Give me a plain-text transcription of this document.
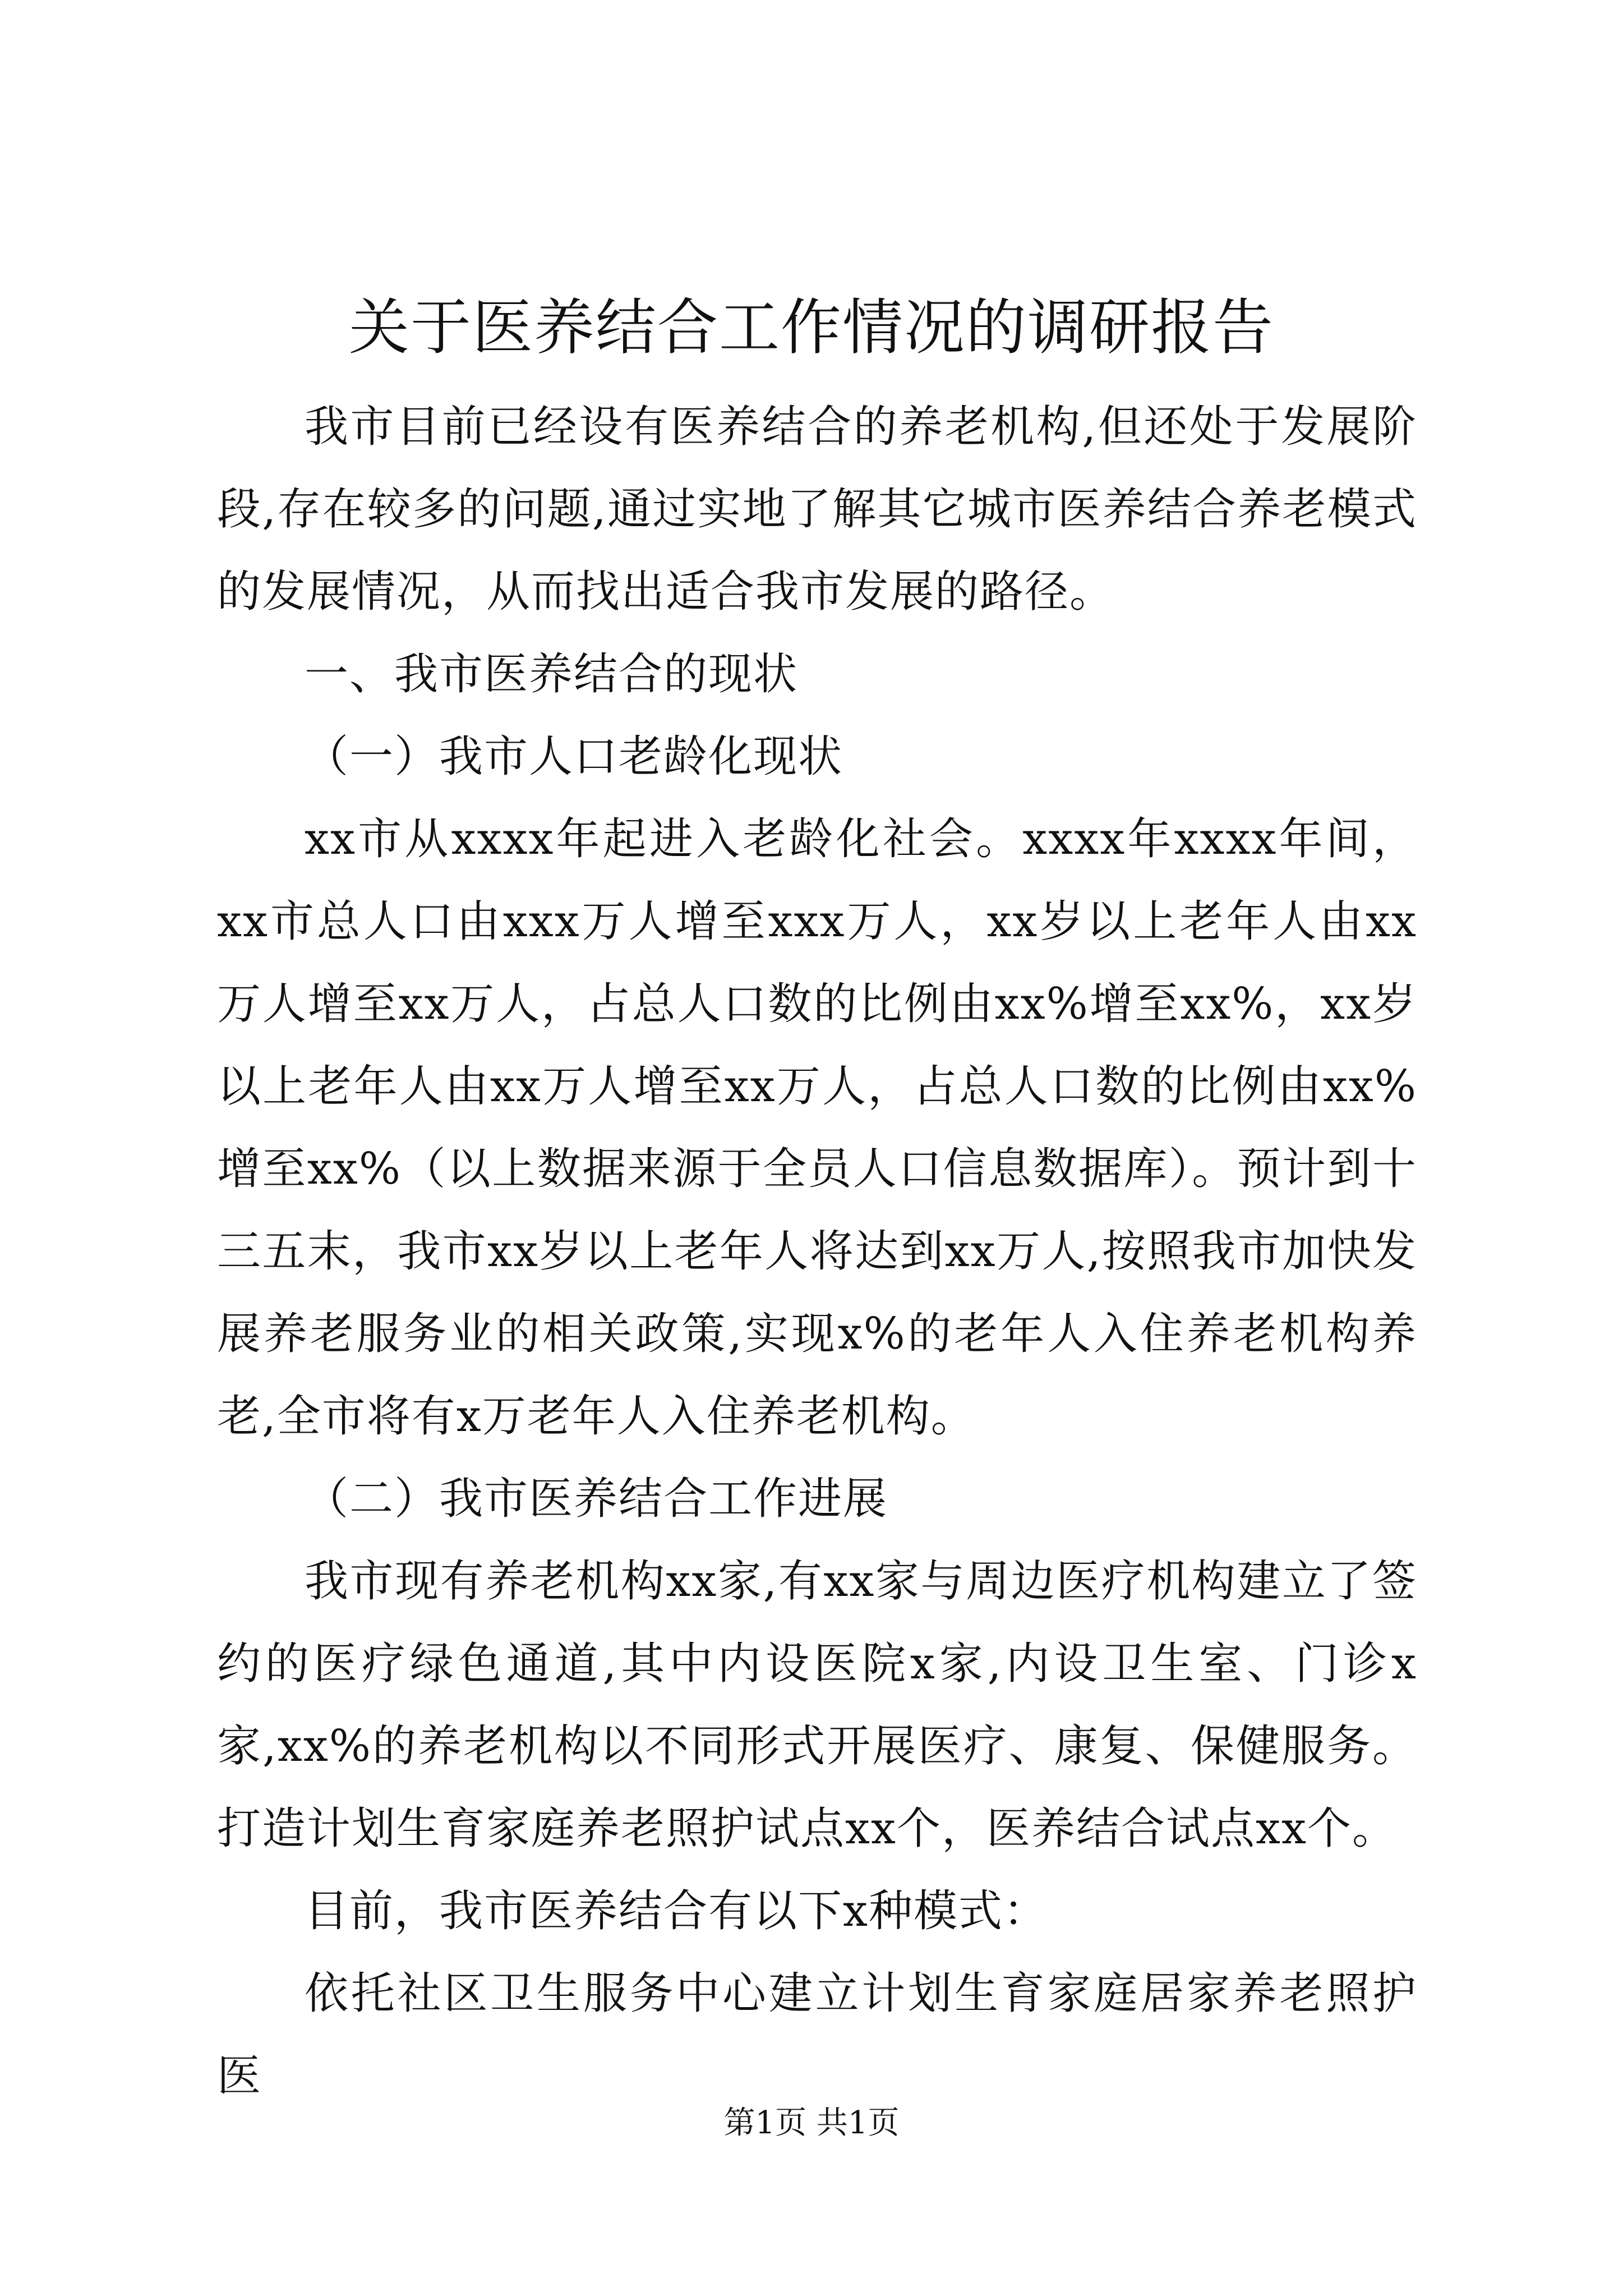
关于医养结合工作情况的调研报告

我市目前已经设有医养结合的养老机构,但还处于发展阶段,存在较多的问题,通过实地了解其它城市医养结合养老模式的发展情况，从而找出适合我市发展的路径。

一、我市医养结合的现状

（一）我市人口老龄化现状

xx市从xxxx年起进入老龄化社会。xxxx年xxxx年间，xx市总人口由xxx万人增至xxx万人，xx岁以上老年人由xx万人增至xx万人，占总人口数的比例由xx%增至xx%，xx岁以上老年人由xx万人增至xx万人，占总人口数的比例由xx%增至xx%（以上数据来源于全员人口信息数据库）。预计到十三五末，我市xx岁以上老年人将达到xx万人,按照我市加快发展养老服务业的相关政策,实现x%的老年人入住养老机构养老,全市将有x万老年人入住养老机构。

（二）我市医养结合工作进展

我市现有养老机构xx家,有xx家与周边医疗机构建立了签约的医疗绿色通道,其中内设医院x家,内设卫生室、门诊x家,xx%的养老机构以不同形式开展医疗、康复、保健服务。打造计划生育家庭养老照护试点xx个，医养结合试点xx个。

目前，我市医养结合有以下x种模式：

依托社区卫生服务中心建立计划生育家庭居家养老照护医

第1页 共1页
